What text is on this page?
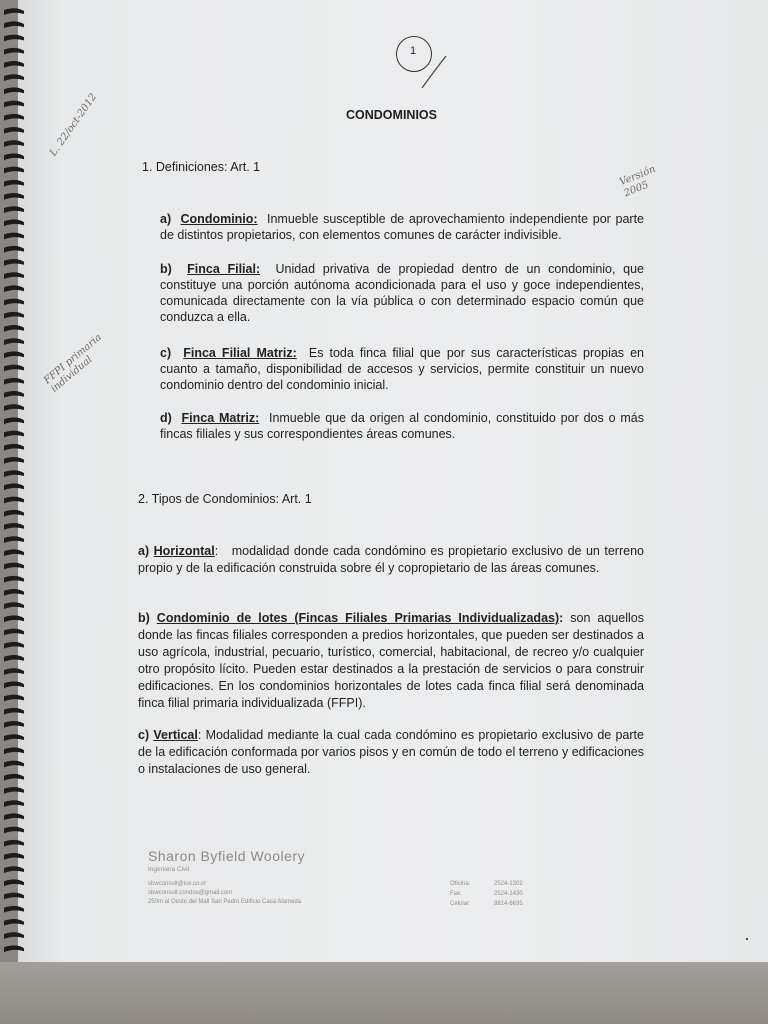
1
L. 22/oct-2012
FFPI primaria individual
Versión 2005
CONDOMINIOS
1. Definiciones: Art. 1
a) Condominio: Inmueble susceptible de aprovechamiento independiente por parte de distintos propietarios, con elementos comunes de carácter indivisible.
b) Finca Filial: Unidad privativa de propiedad dentro de un condominio, que constituye una porción autónoma acondicionada para el uso y goce independientes, comunicada directamente con la vía pública o con determinado espacio común que conduzca a ella.
c) Finca Filial Matriz: Es toda finca filial que por sus características propias en cuanto a tamaño, disponibilidad de accesos y servicios, permite constituir un nuevo condominio dentro del condominio inicial.
d) Finca Matriz: Inmueble que da origen al condominio, constituido por dos o más fincas filiales y sus correspondientes áreas comunes.
2. Tipos de Condominios: Art. 1
a) Horizontal: modalidad donde cada condómino es propietario exclusivo de un terreno propio y de la edificación construida sobre él y copropietario de las áreas comunes.
b) Condominio de lotes (Fincas Filiales Primarias Individualizadas): son aquellos donde las fincas filiales corresponden a predios horizontales, que pueden ser destinados a uso agrícola, industrial, pecuario, turístico, comercial, habitacional, de recreo y/o cualquier otro propósito lícito. Pueden estar destinados a la prestación de servicios o para construir edificaciones. En los condominios horizontales de lotes cada finca filial será denominada finca filial primaria individualizada (FFPI).
c) Vertical: Modalidad mediante la cual cada condómino es propietario exclusivo de parte de la edificación conformada por varios pisos y en común de todo el terreno y edificaciones o instalaciones de uso general.
Sharon Byfield Woolery
Ingeniera Civil
sbwconsult@ice.co.cr
sbwconsult.condos@gmail.com
250m al Oeste del Mall San Pedro Edificio Casa Alameda
Oficina:	2524-1302
Fax:	2524-1430
Celular:	8814-6635
